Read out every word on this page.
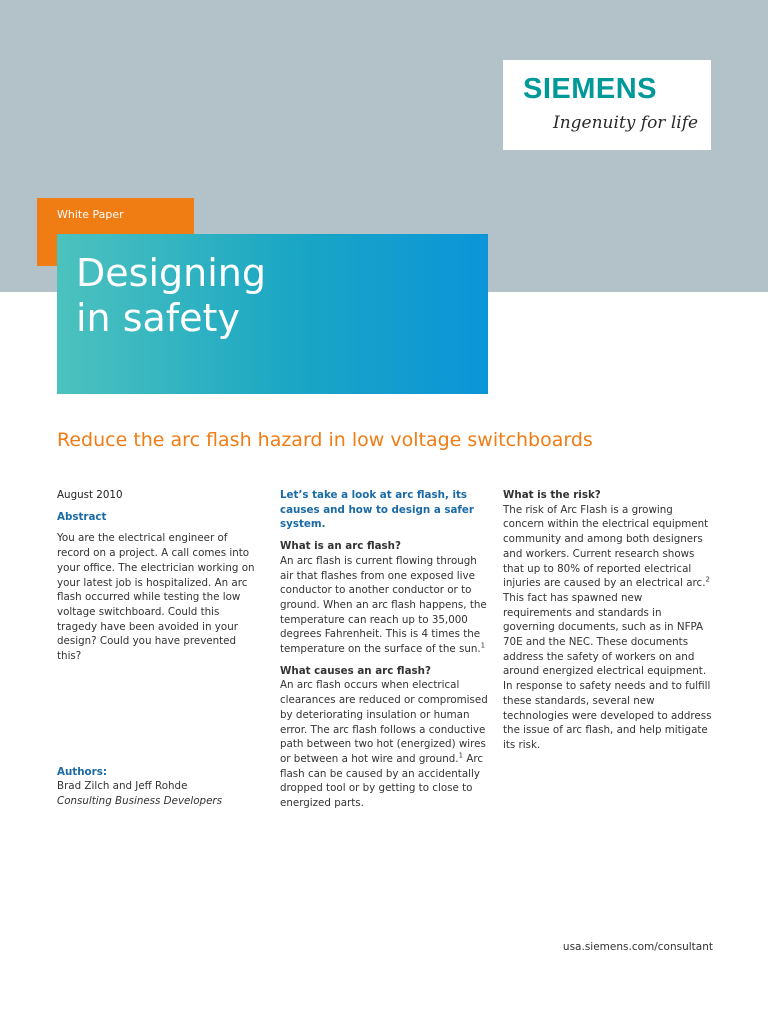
SIEMENS
Ingenuity for life
White Paper
Designing
in safety
Reduce the arc flash hazard in low voltage switchboards
August 2010
Abstract

You are the electrical engineer of record on a project. A call comes into your office. The electrician working on your latest job is hospitalized. An arc flash occurred while testing the low voltage switchboard. Could this tragedy have been avoided in your design? Could you have prevented this?

Authors:
Brad Zilch and Jeff Rohde
Consulting Business Developers
Let’s take a look at arc flash, its causes and how to design a safer system.
What is an arc flash?

An arc flash is current flowing through air that flashes from one exposed live conductor to another conductor or to ground. When an arc flash happens, the temperature can reach up to 35,000 degrees Fahrenheit. This is 4 times the temperature on the surface of the sun.$^1$

What causes an arc flash?

An arc flash occurs when electrical clearances are reduced or compromised by deteriorating insulation or human error. The arc flash follows a conductive path between two hot (energized) wires or between a hot wire and ground.$^1$ Arc flash can be caused by an accidentally dropped tool or by getting to close to energized parts.

What is the risk?

The risk of Arc Flash is a growing concern within the electrical equipment community and among both designers and workers. Current research shows that up to 80% of reported electrical injuries are caused by an electrical arc.$^2$ This fact has spawned new requirements and standards in governing documents, such as in NFPA 70E and the NEC. These documents address the safety of workers on and around energized electrical equipment. In response to safety needs and to fulfill these standards, several new technologies were developed to address the issue of arc flash, and help mitigate its risk.

usa.siemens.com/consultant
